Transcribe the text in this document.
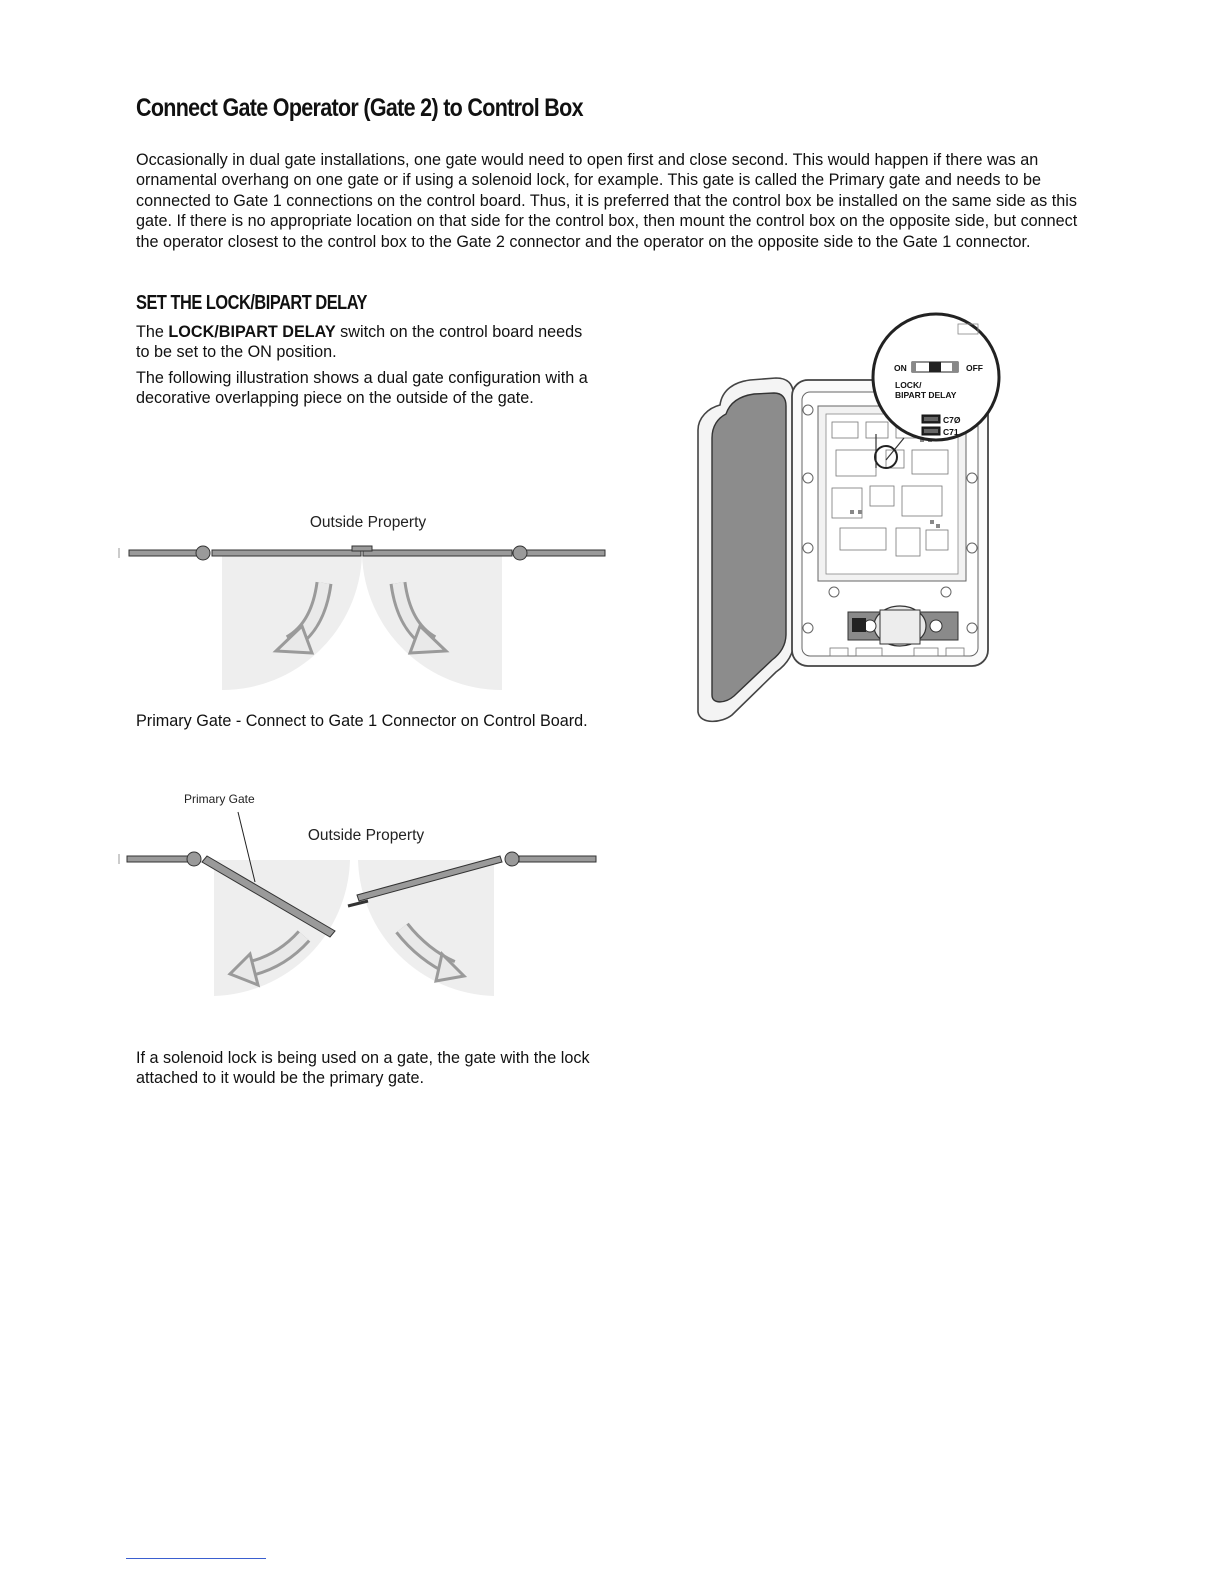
Connect Gate Operator (Gate 2) to Control Box

Occasionally in dual gate installations, one gate would need to open first and close second. This would happen if there was an ornamental overhang on one gate or if using a solenoid lock, for example. This gate is called the Primary gate and needs to be connected to Gate 1 connections on the control board. Thus, it is preferred that the control box be installed on the same side as this gate. If there is no appropriate location on that side for the control box, then mount the control box on the opposite side, but connect the operator closest to the control box to the Gate 2 connector and the operator on the opposite side to the Gate 1 connector.

SET THE LOCK/BIPART DELAY

The LOCK/BIPART DELAY switch on the control board needs to be set to the ON position.

The following illustration shows a dual gate configuration with a decorative overlapping piece on the outside of the gate.

Outside Property

Primary Gate - Connect to Gate 1 Connector on Control Board.

Primary Gate
Outside Property

If a solenoid lock is being used on a gate, the gate with the lock attached to it would be the primary gate.

ON	OFF
LOCK/
BIPART DELAY
C7Ø
C71
